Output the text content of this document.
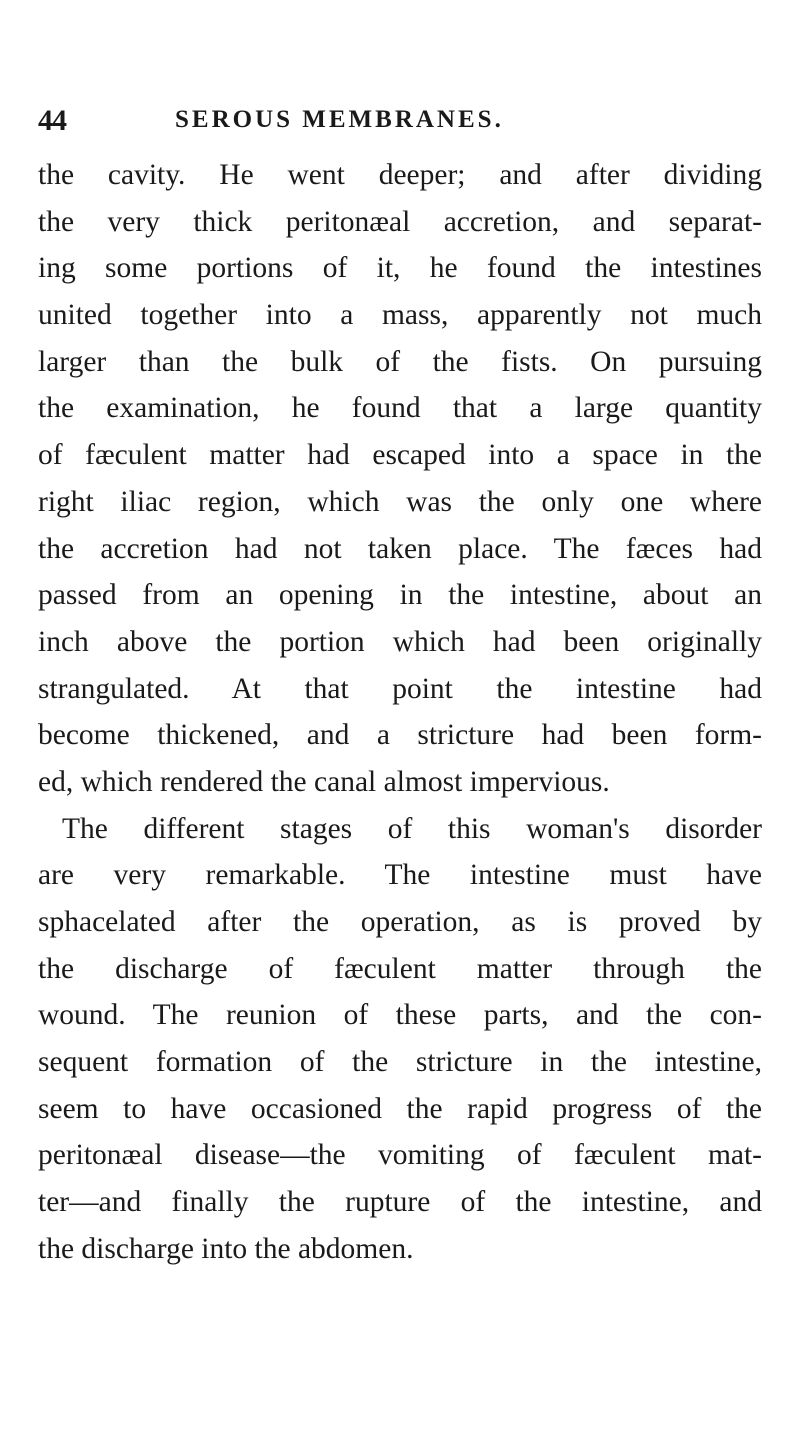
44	SEROUS MEMBRANES.
the cavity. He went deeper; and after dividing
the very thick peritonæal accretion, and separat-
ing some portions of it, he found the intestines
united together into a mass, apparently not much
larger than the bulk of the fists. On pursuing
the examination, he found that a large quantity
of fæculent matter had escaped into a space in the
right iliac region, which was the only one where
the accretion had not taken place. The fæces had
passed from an opening in the intestine, about an
inch above the portion which had been originally
strangulated. At that point the intestine had
become thickened, and a stricture had been form-
ed, which rendered the canal almost impervious.
The different stages of this woman's disorder
are very remarkable. The intestine must have
sphacelated after the operation, as is proved by
the discharge of fæculent matter through the
wound. The reunion of these parts, and the con-
sequent formation of the stricture in the intestine,
seem to have occasioned the rapid progress of the
peritonæal disease—the vomiting of fæculent mat-
ter—and finally the rupture of the intestine, and
the discharge into the abdomen.
